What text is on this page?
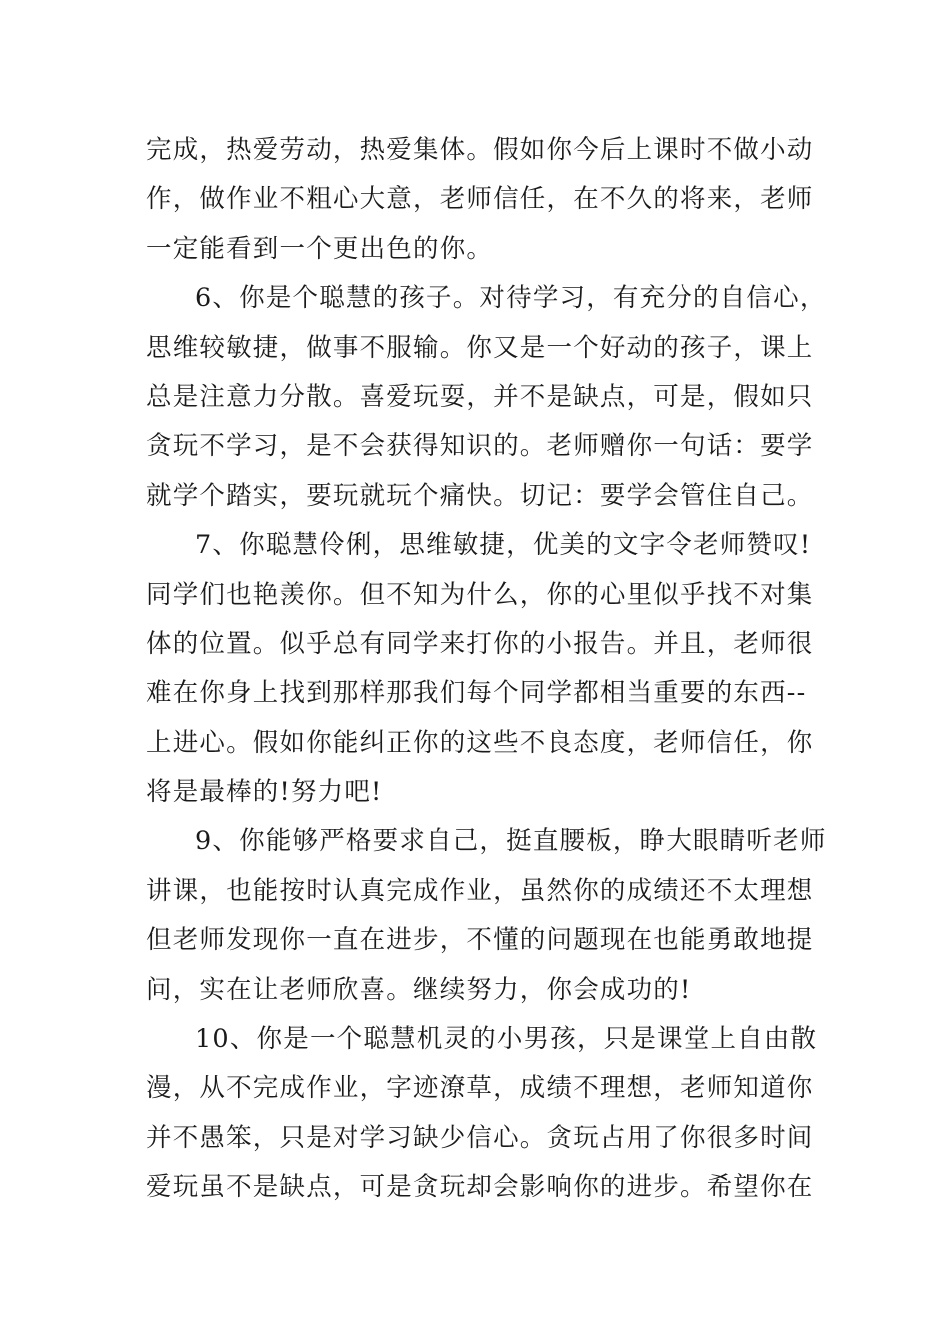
完成，热爱劳动，热爱集体。假如你今后上课时不做小动
作，做作业不粗心大意，老师信任，在不久的将来，老师
一定能看到一个更出色的你。
6、你是个聪慧的孩子。对待学习，有充分的自信心，
思维较敏捷，做事不服输。你又是一个好动的孩子，课上
总是注意力分散。喜爱玩耍，并不是缺点，可是，假如只
贪玩不学习，是不会获得知识的。老师赠你一句话：要学
就学个踏实，要玩就玩个痛快。切记：要学会管住自己。
7、你聪慧伶俐，思维敏捷，优美的文字令老师赞叹!
同学们也艳羡你。但不知为什么，你的心里似乎找不对集
体的位置。似乎总有同学来打你的小报告。并且，老师很
难在你身上找到那样那我们每个同学都相当重要的东西--
上进心。假如你能纠正你的这些不良态度，老师信任，你
将是最棒的!努力吧!
9、你能够严格要求自己，挺直腰板，睁大眼睛听老师
讲课，也能按时认真完成作业，虽然你的成绩还不太理想
但老师发现你一直在进步，不懂的问题现在也能勇敢地提
问，实在让老师欣喜。继续努力，你会成功的!
10、你是一个聪慧机灵的小男孩，只是课堂上自由散
漫，从不完成作业，字迹潦草，成绩不理想，老师知道你
并不愚笨，只是对学习缺少信心。贪玩占用了你很多时间
爱玩虽不是缺点，可是贪玩却会影响你的进步。希望你在
